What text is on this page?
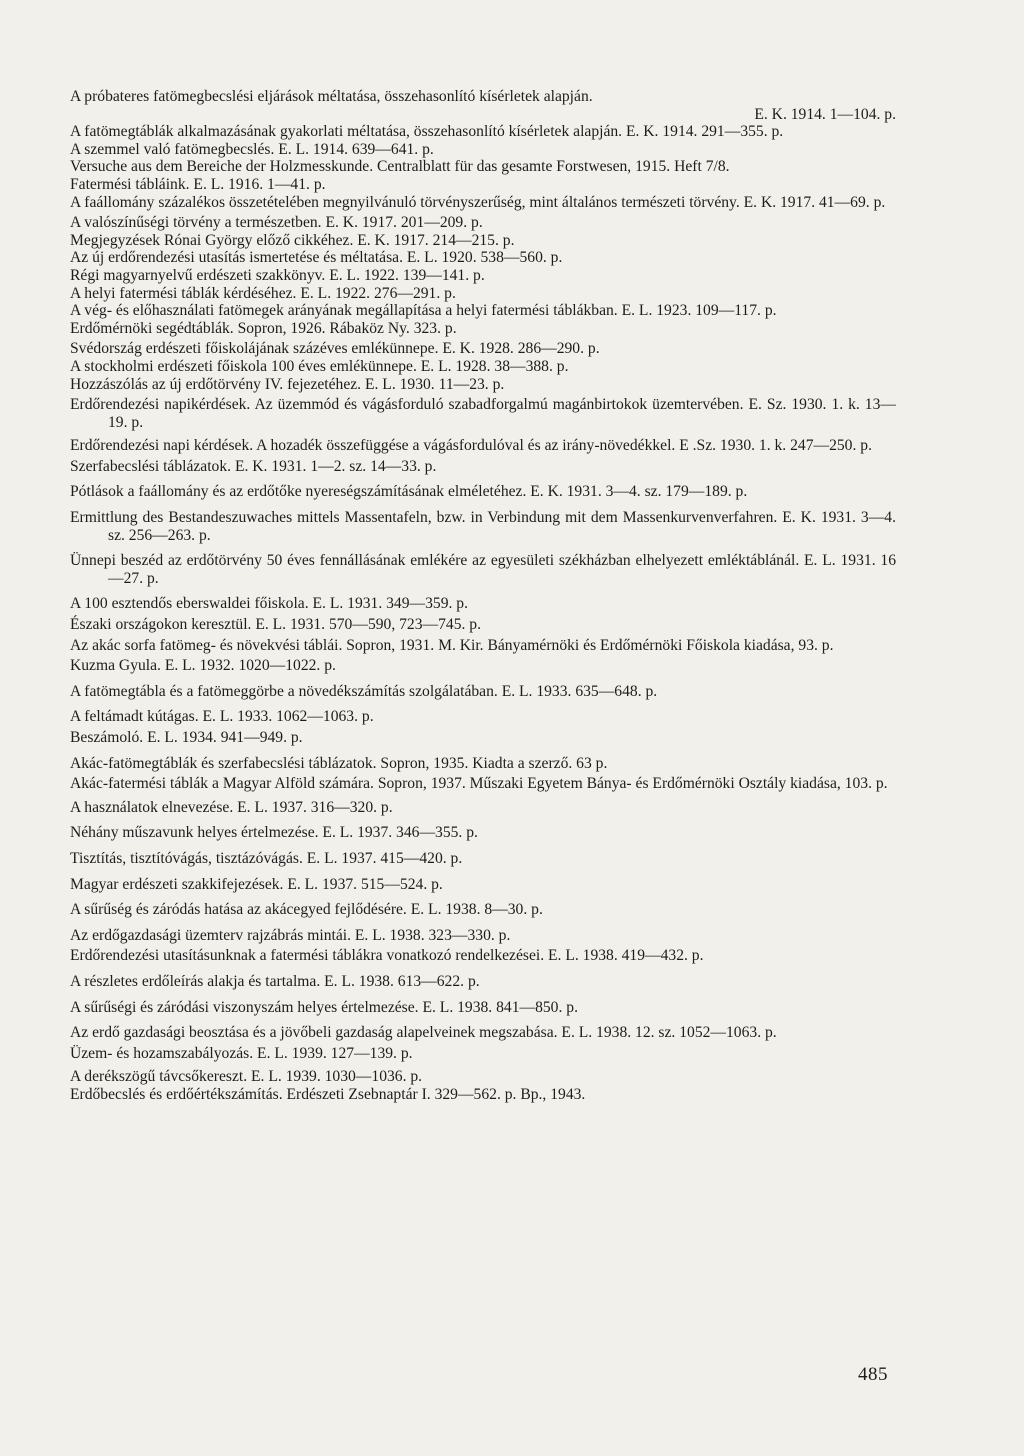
A próbateres fatömegbecslési eljárások méltatása, összehasonlító kísérletek alapján.
E. K. 1914. 1—104. p.
A fatömegtáblák alkalmazásának gyakorlati méltatása, összehasonlító kísérletek alapján. E. K. 1914. 291—355. p.
A szemmel való fatömegbecslés. E. L. 1914. 639—641. p.
Versuche aus dem Bereiche der Holzmesskunde. Centralblatt für das gesamte Forstwesen, 1915. Heft 7/8.
Fatermési tábláink. E. L. 1916. 1—41. p.
A faállomány százalékos összetételében megnyilvánuló törvényszerűség, mint általános természeti törvény. E. K. 1917. 41—69. p.
A valószínűségi törvény a természetben. E. K. 1917. 201—209. p.
Megjegyzések Rónai György előző cikkéhez. E. K. 1917. 214—215. p.
Az új erdőrendezési utasítás ismertetése és méltatása. E. L. 1920. 538—560. p.
Régi magyarnyelvű erdészeti szakkönyv. E. L. 1922. 139—141. p.
A helyi fatermési táblák kérdéséhez. E. L. 1922. 276—291. p.
A vég- és előhasználati fatömegek arányának megállapítása a helyi fatermési táblákban. E. L. 1923. 109—117. p.
Erdőmérnöki segédtáblák. Sopron, 1926. Rábaköz Ny. 323. p.
Svédország erdészeti főiskolájának százéves emlékünnepe. E. K. 1928. 286—290. p.
A stockholmi erdészeti főiskola 100 éves emlékünnepe. E. L. 1928. 38—388. p.
Hozzászólás az új erdőtörvény IV. fejezetéhez. E. L. 1930. 11—23. p.
Erdőrendezési napikérdések. Az üzemmód és vágásforduló szabadforgalmú magánbirtokok üzemtervében. E. Sz. 1930. 1. k. 13—19. p.
Erdőrendezési napi kérdések. A hozadék összefüggése a vágásfordulóval és az irány-növedékkel. E .Sz. 1930. 1. k. 247—250. p.
Szerfabecslési táblázatok. E. K. 1931. 1—2. sz. 14—33. p.
Pótlások a faállomány és az erdőtőke nyereségszámításának elméletéhez. E. K. 1931. 3—4. sz. 179—189. p.
Ermittlung des Bestandeszuwaches mittels Massentafeln, bzw. in Verbindung mit dem Massenkurvenverfahren. E. K. 1931. 3—4. sz. 256—263. p.
Ünnepi beszéd az erdőtörvény 50 éves fennállásának emlékére az egyesületi székházban elhelyezett emléktáblánál. E. L. 1931. 16—27. p.
A 100 esztendős eberswaldei főiskola. E. L. 1931. 349—359. p.
Északi országokon keresztül. E. L. 1931. 570—590, 723—745. p.
Az akác sorfa fatömeg- és növekvési táblái. Sopron, 1931. M. Kir. Bányamérnöki és Erdőmérnöki Főiskola kiadása, 93. p.
Kuzma Gyula. E. L. 1932. 1020—1022. p.
A fatömegtábla és a fatömeggörbe a növedékszámítás szolgálatában. E. L. 1933. 635—648. p.
A feltámadt kútágas. E. L. 1933. 1062—1063. p.
Beszámoló. E. L. 1934. 941—949. p.
Akác-fatömegtáblák és szerfabecslési táblázatok. Sopron, 1935. Kiadta a szerző. 63 p.
Akác-fatermési táblák a Magyar Alföld számára. Sopron, 1937. Műszaki Egyetem Bánya- és Erdőmérnöki Osztály kiadása, 103. p.
A használatok elnevezése. E. L. 1937. 316—320. p.
Néhány műszavunk helyes értelmezése. E. L. 1937. 346—355. p.
Tisztítás, tisztítóvágás, tisztázóvágás. E. L. 1937. 415—420. p.
Magyar erdészeti szakkifejezések. E. L. 1937. 515—524. p.
A sűrűség és záródás hatása az akácegyed fejlődésére. E. L. 1938. 8—30. p.
Az erdőgazdasági üzemterv rajzábrás mintái. E. L. 1938. 323—330. p.
Erdőrendezési utasításunknak a fatermési táblákra vonatkozó rendelkezései. E. L. 1938. 419—432. p.
A részletes erdőleírás alakja és tartalma. E. L. 1938. 613—622. p.
A sűrűségi és záródási viszonyszám helyes értelmezése. E. L. 1938. 841—850. p.
Az erdő gazdasági beosztása és a jövőbeli gazdaság alapelveinek megszabása. E. L. 1938. 12. sz. 1052—1063. p.
Üzem- és hozamszabályozás. E. L. 1939. 127—139. p.
A derékszögű távcsőkereszt. E. L. 1939. 1030—1036. p.
Erdőbecslés és erdőértékszámítás. Erdészeti Zsebnaptár I. 329—562. p. Bp., 1943.
485
